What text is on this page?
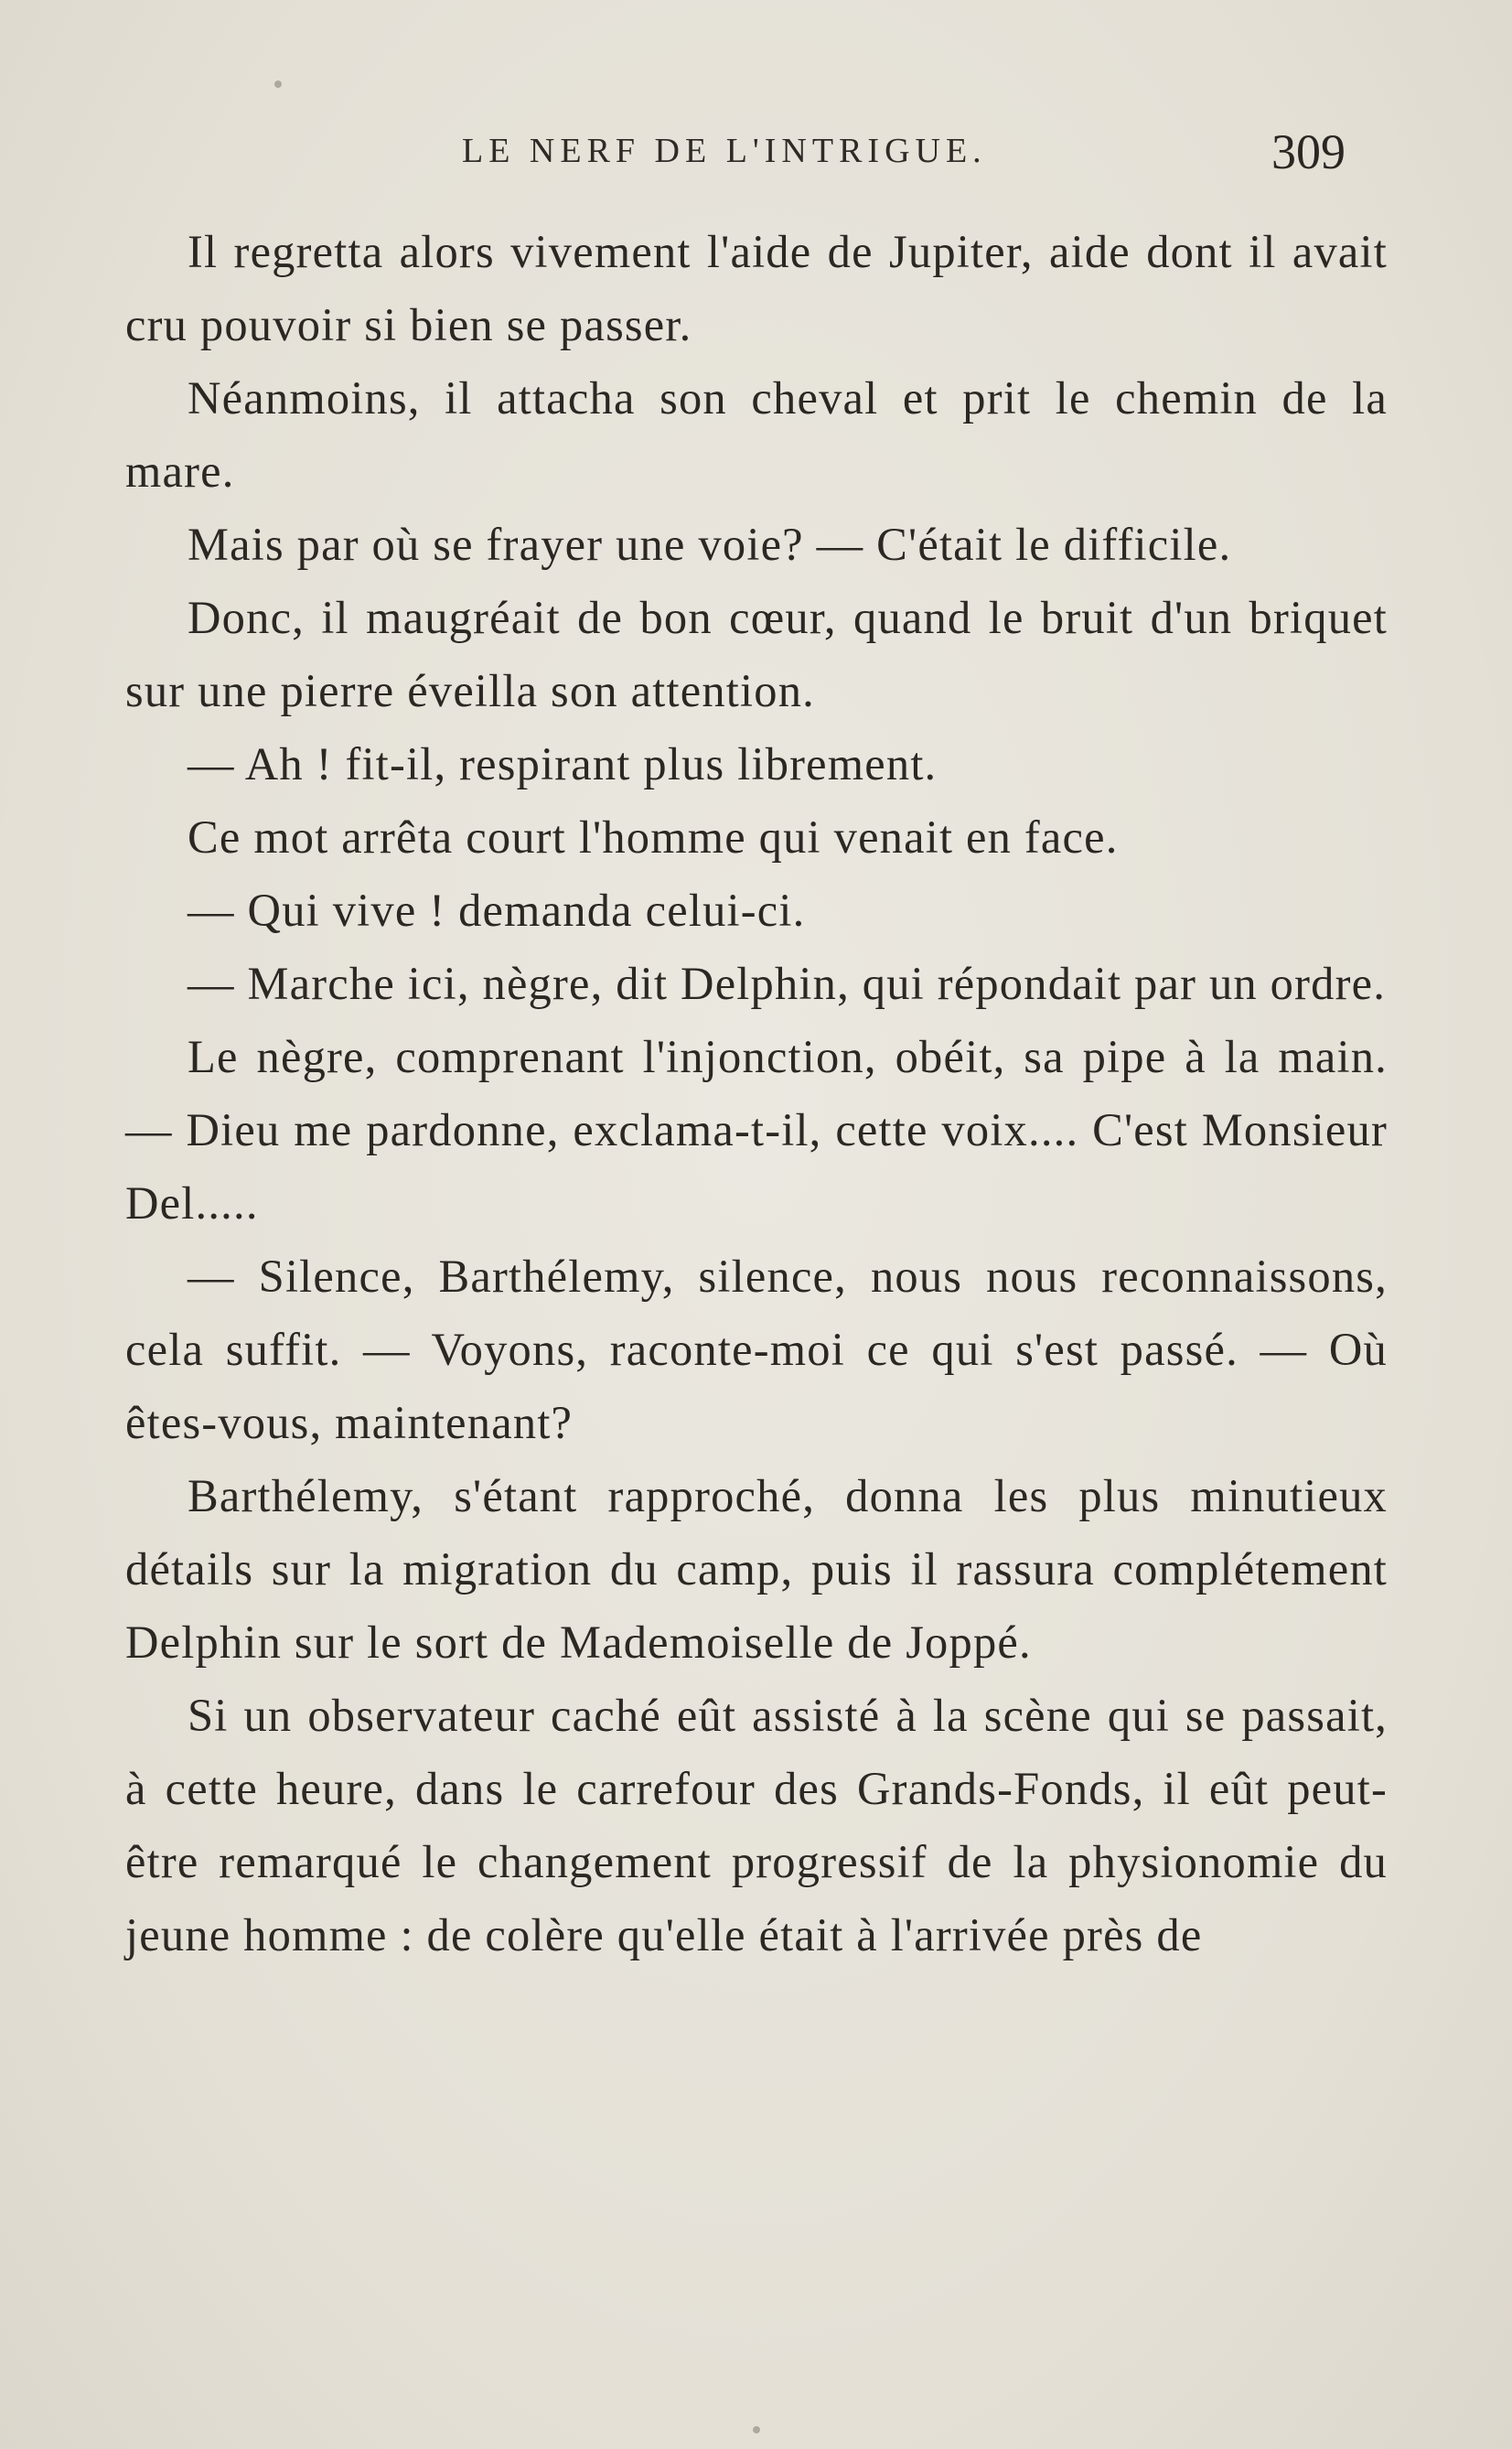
LE NERF DE L'INTRIGUE.	309

Il regretta alors vivement l'aide de Jupiter, aide dont il avait cru pouvoir si bien se passer.

Néanmoins, il attacha son cheval et prit le chemin de la mare.

Mais par où se frayer une voie? — C'était le difficile.

Donc, il maugréait de bon cœur, quand le bruit d'un briquet sur une pierre éveilla son attention.

— Ah ! fit-il, respirant plus librement.

Ce mot arrêta court l'homme qui venait en face.

— Qui vive ! demanda celui-ci.

— Marche ici, nègre, dit Delphin, qui répondait par un ordre.

Le nègre, comprenant l'injonction, obéit, sa pipe à la main. — Dieu me pardonne, exclama-t-il, cette voix.... C'est Monsieur Del.....

— Silence, Barthélemy, silence, nous nous reconnaissons, cela suffit. — Voyons, raconte-moi ce qui s'est passé. — Où êtes-vous, maintenant?

Barthélemy, s'étant rapproché, donna les plus minutieux détails sur la migration du camp, puis il rassura complétement Delphin sur le sort de Mademoiselle de Joppé.

Si un observateur caché eût assisté à la scène qui se passait, à cette heure, dans le carrefour des Grands-Fonds, il eût peut-être remarqué le changement progressif de la physionomie du jeune homme : de colère qu'elle était à l'arrivée près de
